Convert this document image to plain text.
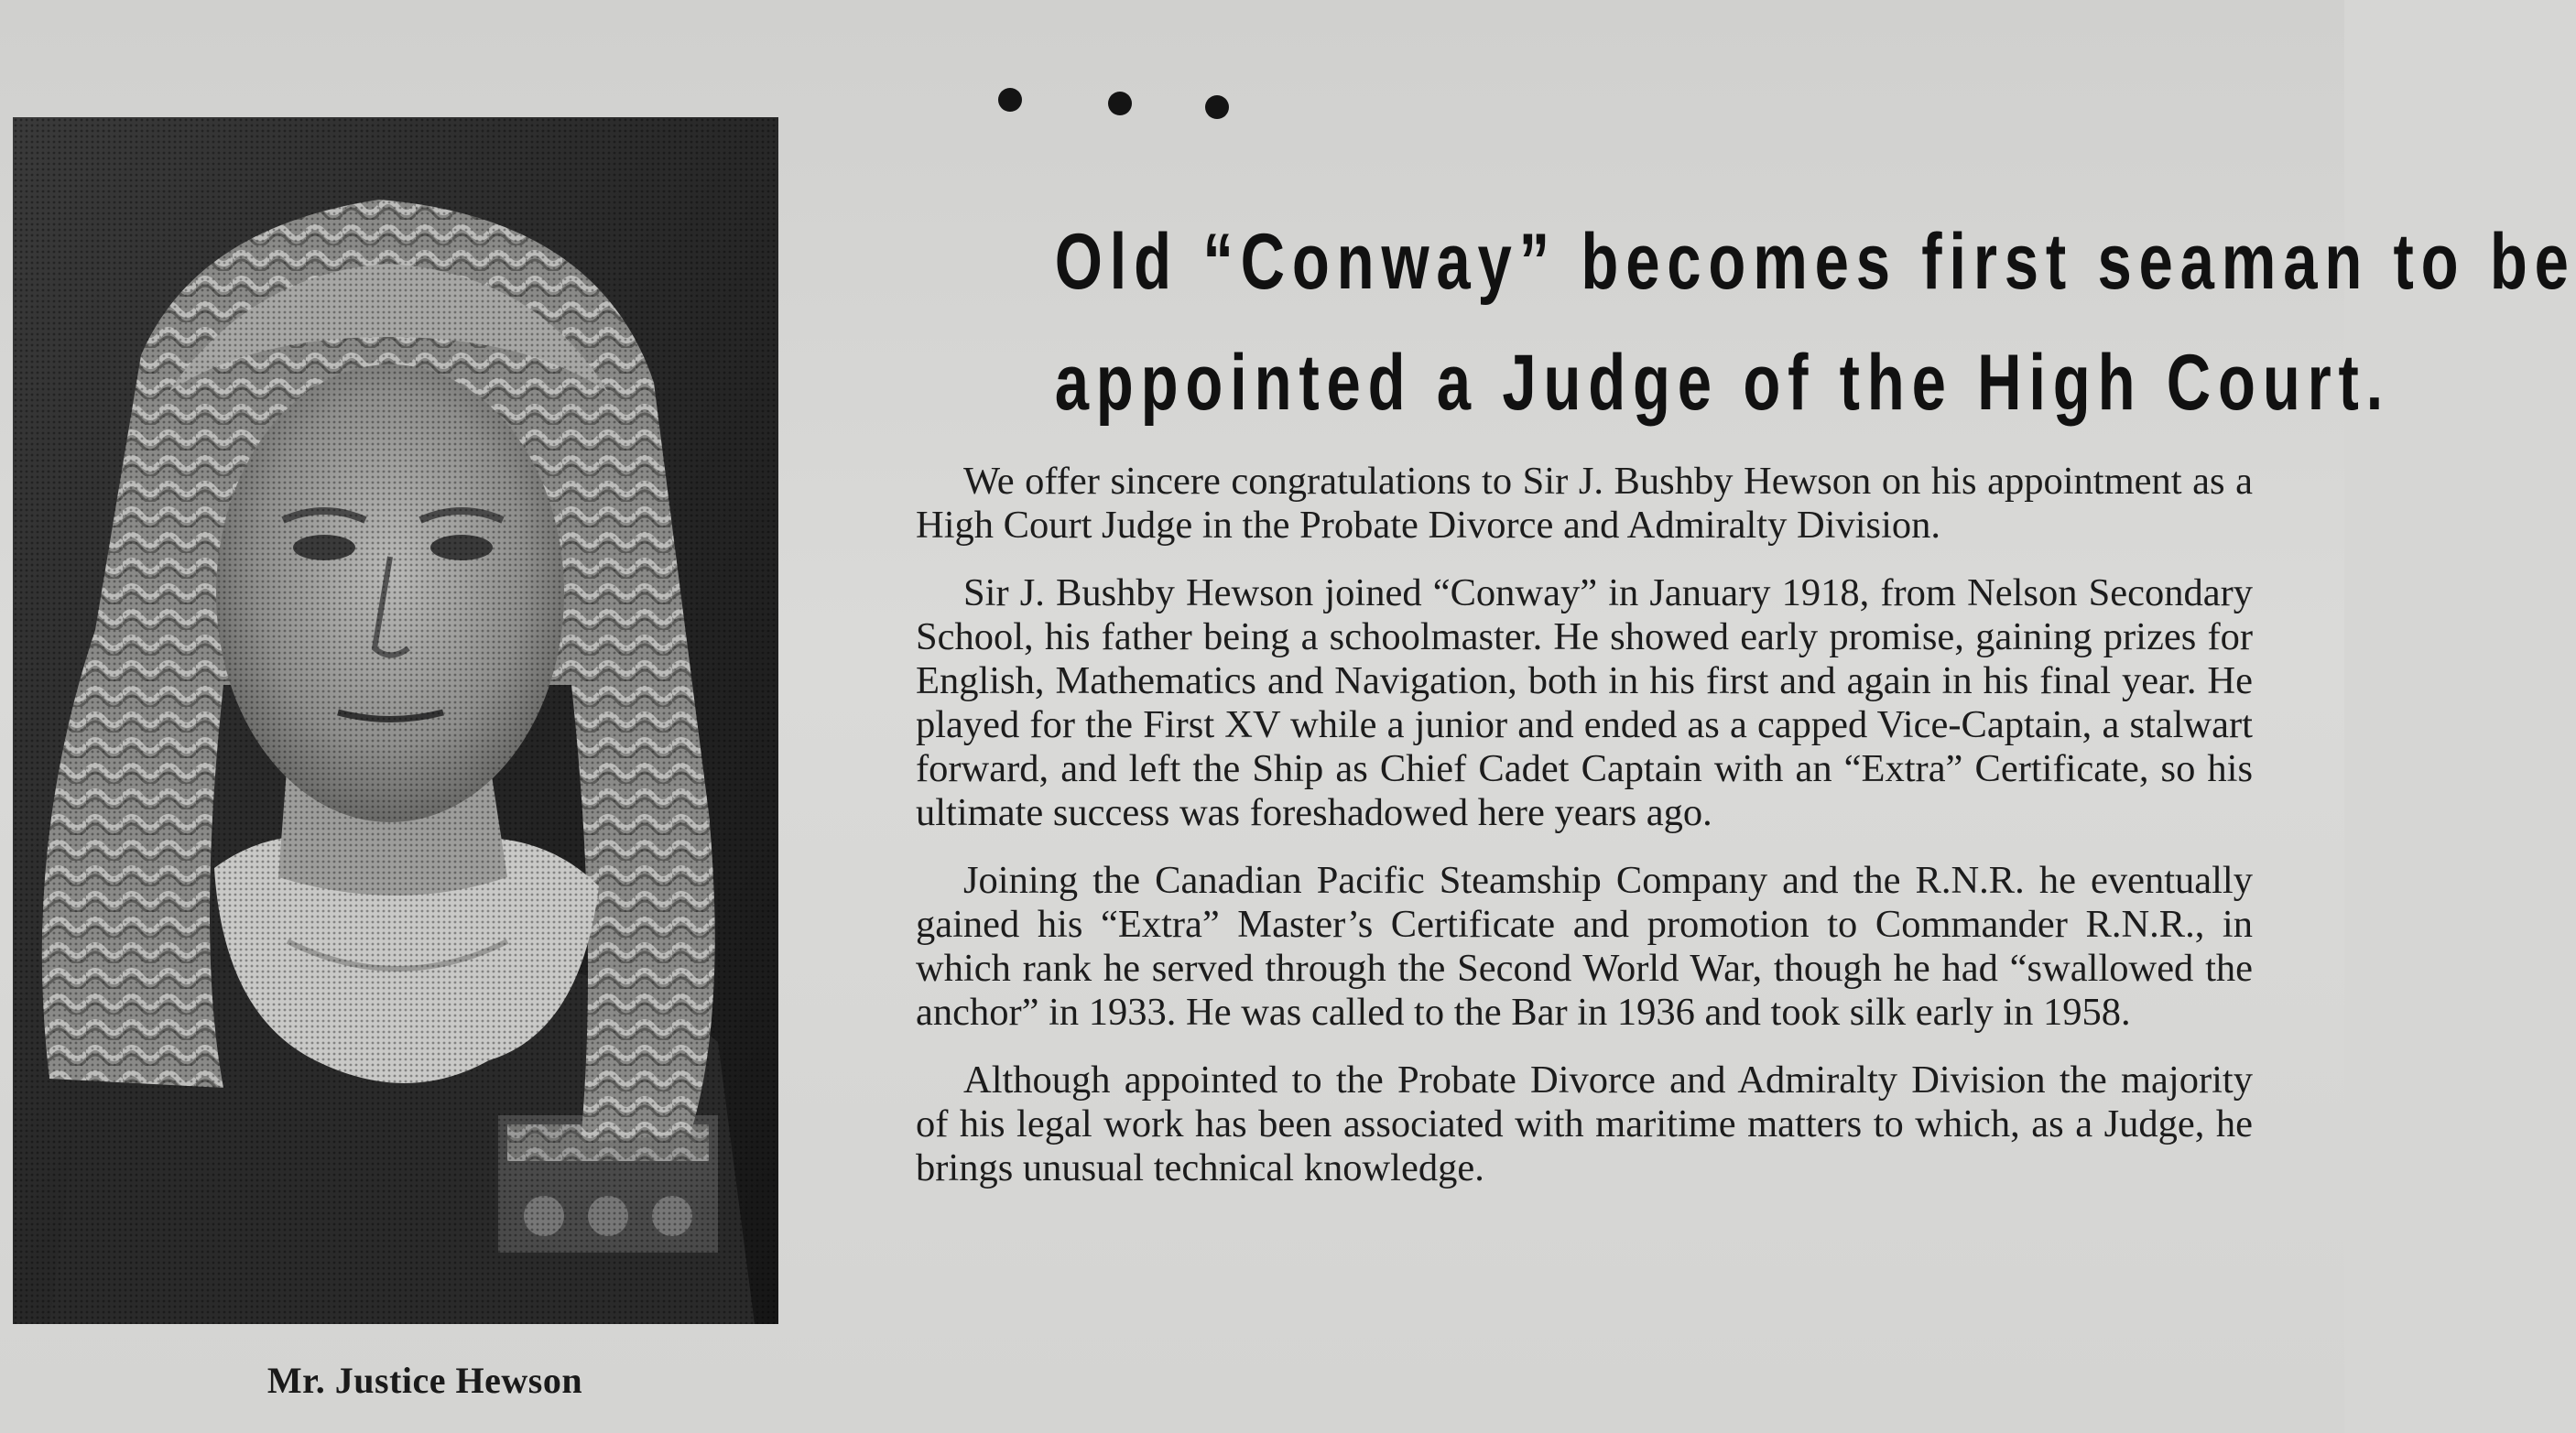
Mr. Justice Hewson
Old “Conway” becomes first seaman to be
appointed a Judge of the High Court.

We offer sincere congratulations to Sir J. Bushby Hewson on his appointment as a High Court Judge in the Probate Divorce and Admiralty Division.

Sir J. Bushby Hewson joined “Conway” in January 1918, from Nelson Secondary School, his father being a schoolmaster. He showed early promise, gaining prizes for English, Mathematics and Navigation, both in his first and again in his final year. He played for the First XV while a junior and ended as a capped Vice-Captain, a stalwart forward, and left the Ship as Chief Cadet Captain with an “Extra” Certificate, so his ultimate success was foreshadowed here years ago.

Joining the Canadian Pacific Steamship Company and the R.N.R. he eventually gained his “Extra” Master’s Certificate and promotion to Commander R.N.R., in which rank he served through the Second World War, though he had “swallowed the anchor” in 1933. He was called to the Bar in 1936 and took silk early in 1958.

Although appointed to the Probate Divorce and Admiralty Division the majority of his legal work has been associated with maritime matters to which, as a Judge, he brings unusual technical knowledge.
